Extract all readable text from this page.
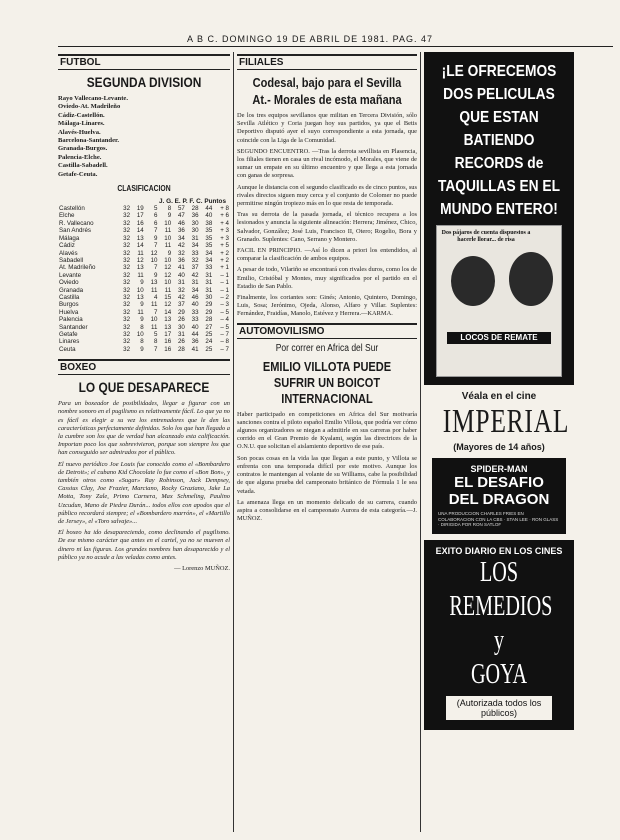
A B C. DOMINGO 19 DE ABRIL DE 1981. PAG. 47
FUTBOL
SEGUNDA DIVISION
Rayo Vallecano-Levante.
Oviedo-At. Madrileño
Cádiz-Castellón.
Málaga-Linares.
Alavés-Huelva.
Barcelona-Santander.
Granada-Burgos.
Palencia-Elche.
Castilla-Sabadell.
Getafe-Ceuta.
CLASIFICACION
J. G. E. P. F. C. Puntos
Castellón	32	19	5	8	57	28	44	+ 8
Elche	32	17	6	9	47	36	40	+ 6
R. Vallecano	32	16	6	10	46	30	38	+ 4
San Andrés	32	14	7	11	36	30	35	+ 3
Málaga	32	13	9	10	34	31	35	+ 3
Cádiz	32	14	7	11	42	34	35	+ 5
Alavés	32	11	12	9	32	33	34	+ 2
Sabadell	32	12	10	10	36	32	34	+ 2
At. Madrileño	32	13	7	12	41	37	33	+ 1
Levante	32	11	9	12	40	42	31	– 1
Oviedo	32	9	13	10	31	31	31	– 1
Granada	32	10	11	11	32	34	31	– 1
Castilla	32	13	4	15	42	46	30	– 2
Burgos	32	9	11	12	37	40	29	– 3
Huelva	32	11	7	14	29	33	29	– 5
Palencia	32	9	10	13	26	33	28	– 4
Santander	32	8	11	13	30	40	27	– 5
Getafe	32	10	5	17	31	44	25	– 7
Linares	32	8	8	16	26	36	24	– 8
Ceuta	32	9	7	16	28	41	25	– 7
BOXEO
LO QUE DESAPARECE

Para un boxeador de posibilidades, llegar a figurar con un nombre sonoro en el pugilismo es relativamente fácil. Lo que ya no es fácil es elegir a su vez los entrenadores que le den las características perfectamente definidas. Solo los que han llegado a la cumbre son los que de verdad han alcanzado esta calificación. Importan poco los que sobrevivieron, porque son siempre los que han conseguido ser admirados por el público.

El nuevo periódico Joe Louis fue conocido como el «Bombardero de Detroit»; el cubano Kid Chocolate lo fue como el «Bon Bon», y también otros como «Sugar» Ray Robinson, Jack Dempsey, Cassius Clay, Joe Frazier, Marciano, Rocky Graziano, Jake La Motta, Tony Zale, Primo Carnera, Max Schmeling, Paulino Uzcudun, Mano de Piedra Durán... todos ellos con apodos que el público recordará siempre; el «Bombardero marrón», el «Martillo de Jersey», el «Toro salvaje»...

El boxeo ha ido desapareciendo, como declinando el pugilismo. De ese mismo carácter que antes en el cartel, ya no se mueven el dinero ni las figuras. Los grandes nombres han desaparecido y el público ya no acude a las veladas como antes.

— Lorenzo MUÑOZ.

FILIALES
Codesal, bajo para el Sevilla At.- Morales de esta mañana

De los tres equipos sevillanos que militan en Tercera División, sólo Sevilla Atlético y Coria juegan hoy sus partidos, ya que el Betis Deportivo disputó ayer el suyo correspondiente a esta jornada, que coincide con la Liga de la Comunidad.

SEGUNDO ENCUENTRO. —Tras la derrota sevillista en Plasencia, los filiales tienen en casa un rival incómodo, el Morales, que viene de sumar un empate en su último encuentro y que llega a esta jornada con ganas de sorpresa.

Aunque le distancia con el segundo clasificado es de cinco puntos, sus rivales directos siguen muy cerca y el conjunto de Colomer no puede permitirse ningún tropiezo más en lo que resta de temporada.

Tras su derrota de la pasada jornada, el técnico recupera a los lesionados y anuncia la siguiente alineación: Herrera; Jiménez, Chico, Salvador, González; José Luis, Francisco II, Otero; Rogelio, Bora y Granado. Suplentes: Cano, Serrano y Montero.

FACIL EN PRINCIPIO. —Así lo dicen a priori los entendidos, al comparar la clasificación de ambos equipos.

A pesar de todo, Vilariño se encontrará con rivales duros, como los de Emilio, Cristóbal y Montes, muy significados por el partido en el Estadio de San Pablo.

Finalmente, los coriantes son: Ginés; Antonio, Quintero, Domingo, Luis, Sosa; Jerónimo, Ojeda, Alonso, Alfaro y Villar. Suplentes: Fernández, Fraidías, Manolo, Estévez y Herrera.—KARMA.

AUTOMOVILISMO
Por correr en Africa del Sur
EMILIO VILLOTA PUEDE SUFRIR UN BOICOT INTERNACIONAL

Haber participado en competiciones en Africa del Sur motivaría sanciones contra el piloto español Emilio Villota, que podría ver cómo algunos organizadores se niegan a admitirle en sus carreras por haber corrido en el Gran Premio de Kyalami, según las directrices de la O.N.U. que solicitan el aislamiento deportivo de ese país.

Son pocas cosas en la vida las que llegan a este punto, y Villota se enfrenta con una temporada difícil por este motivo. Aunque los contratos le mantengan al volante de su Williams, cabe la posibilidad de que alguna prueba del campeonato británico de Fórmula 1 le sea vetada.

La amenaza llega en un momento delicado de su carrera, cuando aspira a consolidarse en el campeonato Aurora de esta categoría.—J. MUÑOZ.

¡LE OFRECEMOS DOS PELICULAS QUE ESTAN BATIENDO RECORDS de TAQUILLAS EN EL MUNDO ENTERO!
Dos pájaros de cuenta dispuestos a hacerle llorar... de risa
LOCOS DE REMATE
Véala en el cine
IMPERIAL
(Mayores de 14 años)
SPIDER-MAN
EL DESAFIO DEL DRAGON
UNA PRODUCCION CHARLES FRIES EN COLABORACION CON LA CBS · STAN LEE · RON GLASS · DIRIGIDA POR RON SATLOF
EXITO DIARIO EN LOS CINES
LOS REMEDIOS y
GOYA
(Autorizada todos los públicos)
